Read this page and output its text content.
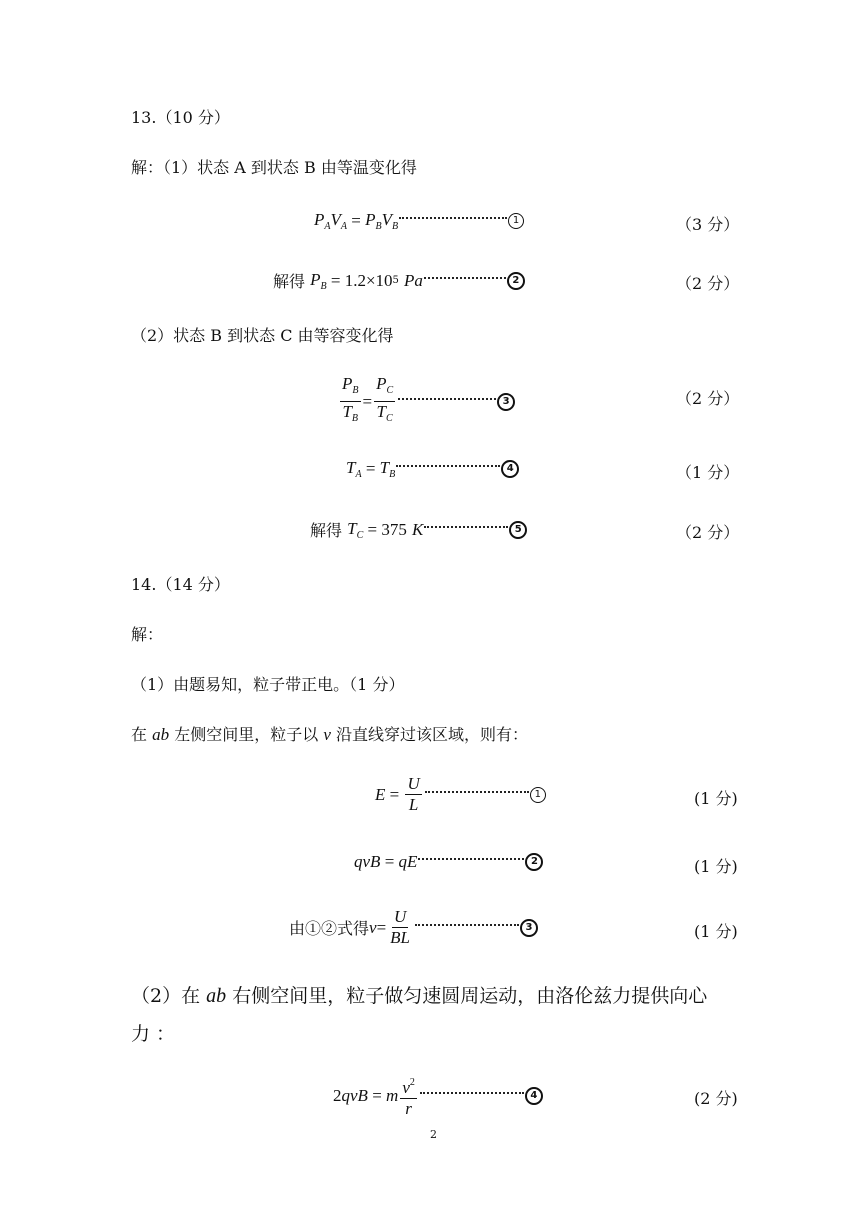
13.（10 分）
解：（1）状态 A 到状态 B 由等温变化得
$P_AV_A = P_BV_B$
1	（3 分）
解得
$P_B = 1.2\times 10$ 5
Pa	2	（2 分）
（2）状态 B 到状态 C 由等容变化得
$\frac{P_B}{T_B} = \frac{P_C}{T_C}$	3	（2 分）
$T_A = T_B$
4	（1 分）
解得
$T_C = 375$
K	5	（2 分）
14.（14 分）
解：
（1）由题易知，粒子带正电。（1 分）
在 ab 左侧空间里，粒子以 v 沿直线穿过该区域，则有：
$E = \frac{U}{L}$	1	(1 分)
qvB = qE	2	(1 分)
由①②式得 $v = \frac{U}{BL}$	3	(1 分)
（2）在 ab 右侧空间里，粒子做匀速圆周运动，由洛伦兹力提供向心
力 ：
2 qvB = m $\frac{v^2}{r}$	4	(2 分)
2
